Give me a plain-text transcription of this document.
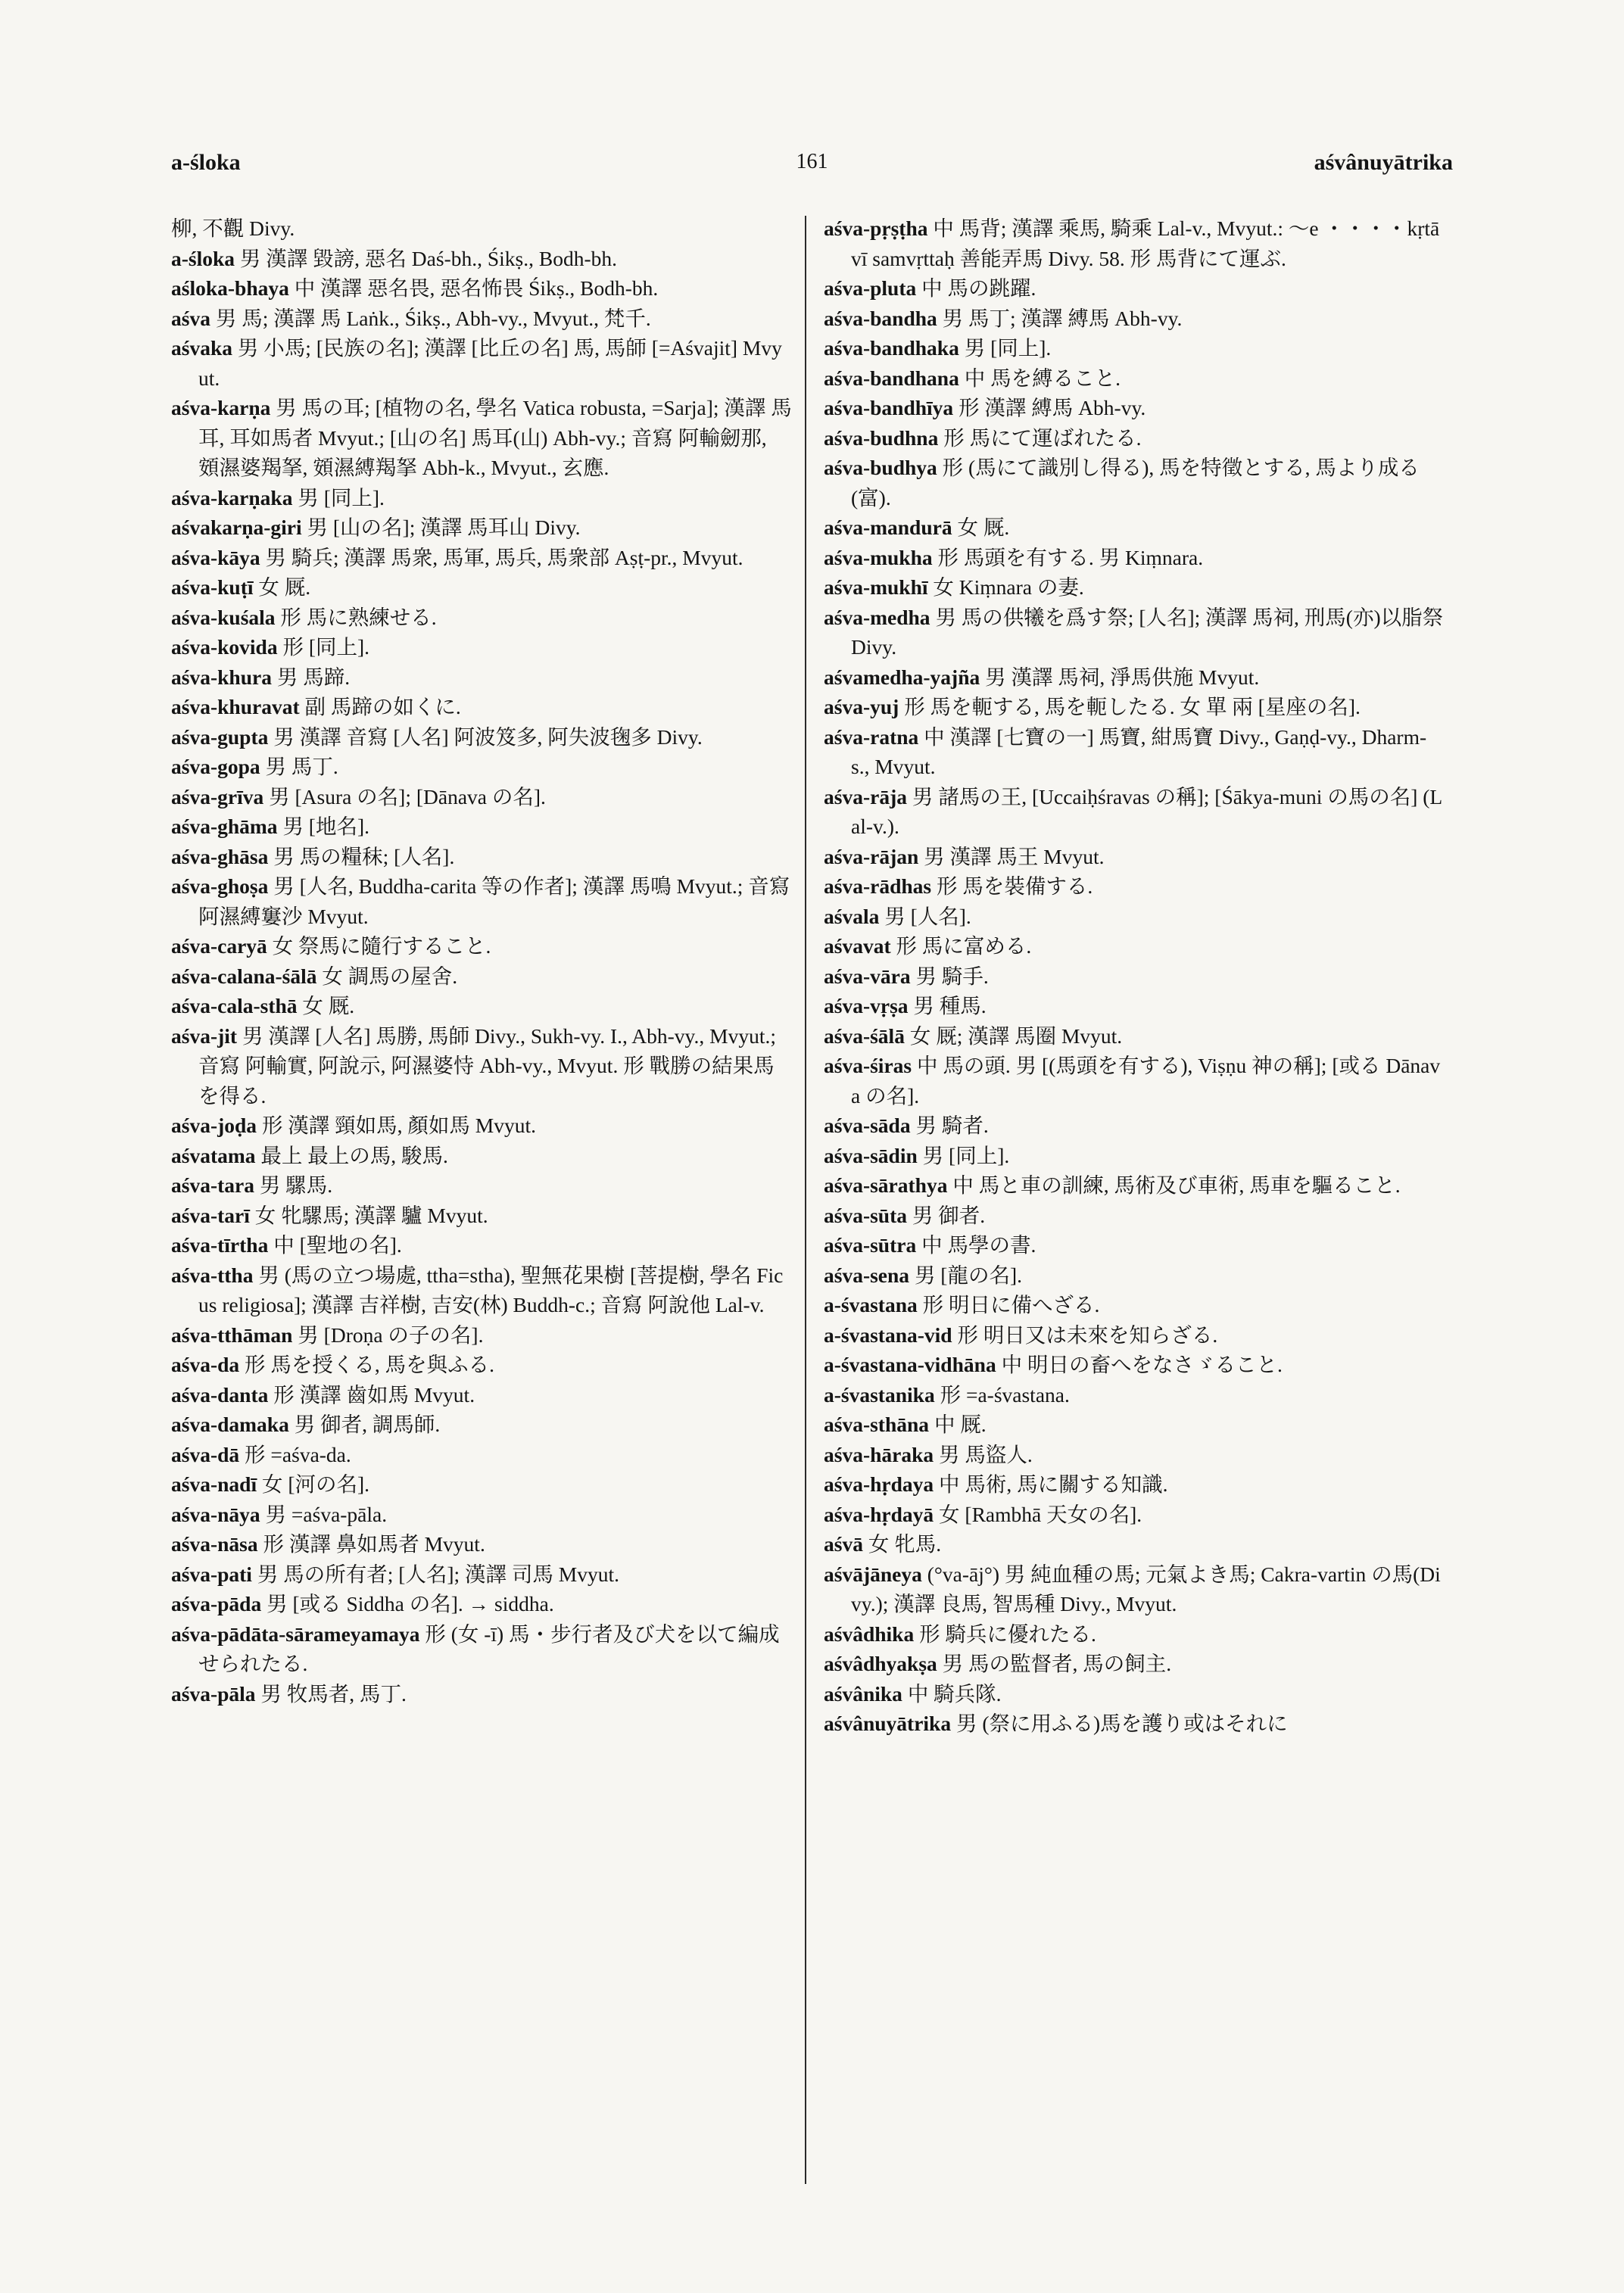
a-śloka	161	aśvânuyātrika
柳, 不觀 Divy.
a-śloka 男 漢譯 毀謗, 惡名 Daś-bh., Śikṣ., Bodh-bh.
aśloka-bhaya 中 漢譯 惡名畏, 惡名怖畏 Śikṣ., Bodh-bh.
aśva 男 馬; 漢譯 馬 Laṅk., Śikṣ., Abh-vy., Mvyut., 梵千.
aśvaka 男 小馬; [民族の名]; 漢譯 [比丘の名] 馬, 馬師 [=Aśvajit] Mvyut.
aśva-karṇa 男 馬の耳; [植物の名, 學名 Vatica robusta, =Sarja]; 漢譯 馬耳, 耳如馬者 Mvyut.; [山の名] 馬耳(山) Abh-vy.; 音寫 阿輸劒那, 頞濕婆羯拏, 頞濕縛羯拏 Abh-k., Mvyut., 玄應.
aśva-karṇaka 男 [同上].
aśvakarṇa-giri 男 [山の名]; 漢譯 馬耳山 Divy.
aśva-kāya 男 騎兵; 漢譯 馬衆, 馬軍, 馬兵, 馬衆部 Aṣṭ-pr., Mvyut.
aśva-kuṭī 女 厩.
aśva-kuśala 形 馬に熟練せる.
aśva-kovida 形 [同上].
aśva-khura 男 馬蹄.
aśva-khuravat 副 馬蹄の如くに.
aśva-gupta 男 漢譯 音寫 [人名] 阿波笈多, 阿失波毱多 Divy.
aśva-gopa 男 馬丁.
aśva-grīva 男 [Asura の名]; [Dānava の名].
aśva-ghāma 男 [地名].
aśva-ghāsa 男 馬の糧秣; [人名].
aśva-ghoṣa 男 [人名, Buddha-carita 等の作者]; 漢譯 馬鳴 Mvyut.; 音寫 阿濕縛窶沙 Mvyut.
aśva-caryā 女 祭馬に隨行すること.
aśva-calana-śālā 女 調馬の屋舍.
aśva-cala-sthā 女 厩.
aśva-jit 男 漢譯 [人名] 馬勝, 馬師 Divy., Sukh-vy. I., Abh-vy., Mvyut.; 音寫 阿輸實, 阿說示, 阿濕婆恃 Abh-vy., Mvyut. 形 戰勝の結果馬を得る.
aśva-joḍa 形 漢譯 頸如馬, 顏如馬 Mvyut.
aśvatama 最上 最上の馬, 駿馬.
aśva-tara 男 騾馬.
aśva-tarī 女 牝騾馬; 漢譯 驢 Mvyut.
aśva-tīrtha 中 [聖地の名].
aśva-ttha 男 (馬の立つ場處, ttha=stha), 聖無花果樹 [菩提樹, 學名 Ficus religiosa]; 漢譯 吉祥樹, 吉安(林) Buddh-c.; 音寫 阿說他 Lal-v.
aśva-tthāman 男 [Droṇa の子の名].
aśva-da 形 馬を授くる, 馬を與ふる.
aśva-danta 形 漢譯 齒如馬 Mvyut.
aśva-damaka 男 御者, 調馬師.
aśva-dā 形 =aśva-da.
aśva-nadī 女 [河の名].
aśva-nāya 男 =aśva-pāla.
aśva-nāsa 形 漢譯 鼻如馬者 Mvyut.
aśva-pati 男 馬の所有者; [人名]; 漢譯 司馬 Mvyut.
aśva-pāda 男 [或る Siddha の名]. → siddha.
aśva-pādāta-sārameyamaya 形 (女 -ī) 馬・步行者及び犬を以て編成せられたる.
aśva-pāla 男 牧馬者, 馬丁.
aśva-pṛṣṭha 中 馬背; 漢譯 乘馬, 騎乘 Lal-v., Mvyut.: 〜e ・・・・kṛtāvī samvṛttaḥ 善能弄馬 Divy. 58. 形 馬背にて運ぶ.
aśva-pluta 中 馬の跳躍.
aśva-bandha 男 馬丁; 漢譯 縛馬 Abh-vy.
aśva-bandhaka 男 [同上].
aśva-bandhana 中 馬を縛ること.
aśva-bandhīya 形 漢譯 縛馬 Abh-vy.
aśva-budhna 形 馬にて運ばれたる.
aśva-budhya 形 (馬にて識別し得る), 馬を特徵とする, 馬より成る(富).
aśva-mandurā 女 厩.
aśva-mukha 形 馬頭を有する. 男 Kiṃnara.
aśva-mukhī 女 Kiṃnara の妻.
aśva-medha 男 馬の供犧を爲す祭; [人名]; 漢譯 馬祠, 刑馬(亦)以脂祭 Divy.
aśvamedha-yajña 男 漢譯 馬祠, 淨馬供施 Mvyut.
aśva-yuj 形 馬を軛する, 馬を軛したる. 女 單 兩 [星座の名].
aśva-ratna 中 漢譯 [七寶の一] 馬寶, 紺馬寶 Divy., Gaṇḍ-vy., Dharm-s., Mvyut.
aśva-rāja 男 諸馬の王, [Uccaiḥśravas の稱]; [Śākya-muni の馬の名] (Lal-v.).
aśva-rājan 男 漢譯 馬王 Mvyut.
aśva-rādhas 形 馬を裝備する.
aśvala 男 [人名].
aśvavat 形 馬に富める.
aśva-vāra 男 騎手.
aśva-vṛṣa 男 種馬.
aśva-śālā 女 厩; 漢譯 馬圈 Mvyut.
aśva-śiras 中 馬の頭. 男 [(馬頭を有する), Viṣṇu 神の稱]; [或る Dānava の名].
aśva-sāda 男 騎者.
aśva-sādin 男 [同上].
aśva-sārathya 中 馬と車の訓練, 馬術及び車術, 馬車を驅ること.
aśva-sūta 男 御者.
aśva-sūtra 中 馬學の書.
aśva-sena 男 [龍の名].
a-śvastana 形 明日に備へざる.
a-śvastana-vid 形 明日又は未來を知らざる.
a-śvastana-vidhāna 中 明日の畜へをなさゞること.
a-śvastanika 形 =a-śvastana.
aśva-sthāna 中 厩.
aśva-hāraka 男 馬盜人.
aśva-hṛdaya 中 馬術, 馬に關する知識.
aśva-hṛdayā 女 [Rambhā 天女の名].
aśvā 女 牝馬.
aśvājāneya (°va-āj°) 男 純血種の馬; 元氣よき馬; Cakra-vartin の馬(Divy.); 漢譯 良馬, 智馬種 Divy., Mvyut.
aśvâdhika 形 騎兵に優れたる.
aśvâdhyakṣa 男 馬の監督者, 馬の飼主.
aśvânika 中 騎兵隊.
aśvânuyātrika 男 (祭に用ふる)馬を護り或はそれに
